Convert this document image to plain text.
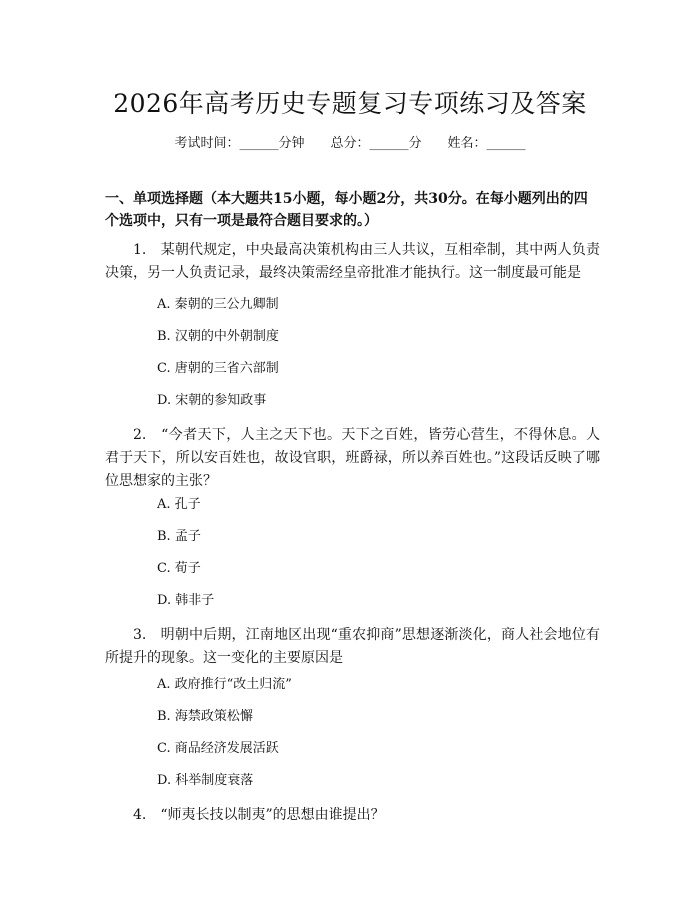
2026年高考历史专题复习专项练习及答案
考试时间：______分钟　　总分：______分　　姓名：______
一、单项选择题（本大题共15小题，每小题2分，共30分。在每小题列出的四个选项中，只有一项是最符合题目要求的。）
1.　某朝代规定，中央最高决策机构由三人共议，互相牵制，其中两人负责决策，另一人负责记录，最终决策需经皇帝批准才能执行。这一制度最可能是
A. 秦朝的三公九卿制
B. 汉朝的中外朝制度
C. 唐朝的三省六部制
D. 宋朝的参知政事
2.　“今者天下，人主之天下也。天下之百姓，皆劳心营生，不得休息。人君于天下，所以安百姓也，故设官职，班爵禄，所以养百姓也。”这段话反映了哪位思想家的主张？
A. 孔子
B. 孟子
C. 荀子
D. 韩非子
3.　明朝中后期，江南地区出现“重农抑商”思想逐渐淡化，商人社会地位有所提升的现象。这一变化的主要原因是
A. 政府推行“改土归流”
B. 海禁政策松懈
C. 商品经济发展活跃
D. 科举制度衰落
4.　“师夷长技以制夷”的思想由谁提出？
